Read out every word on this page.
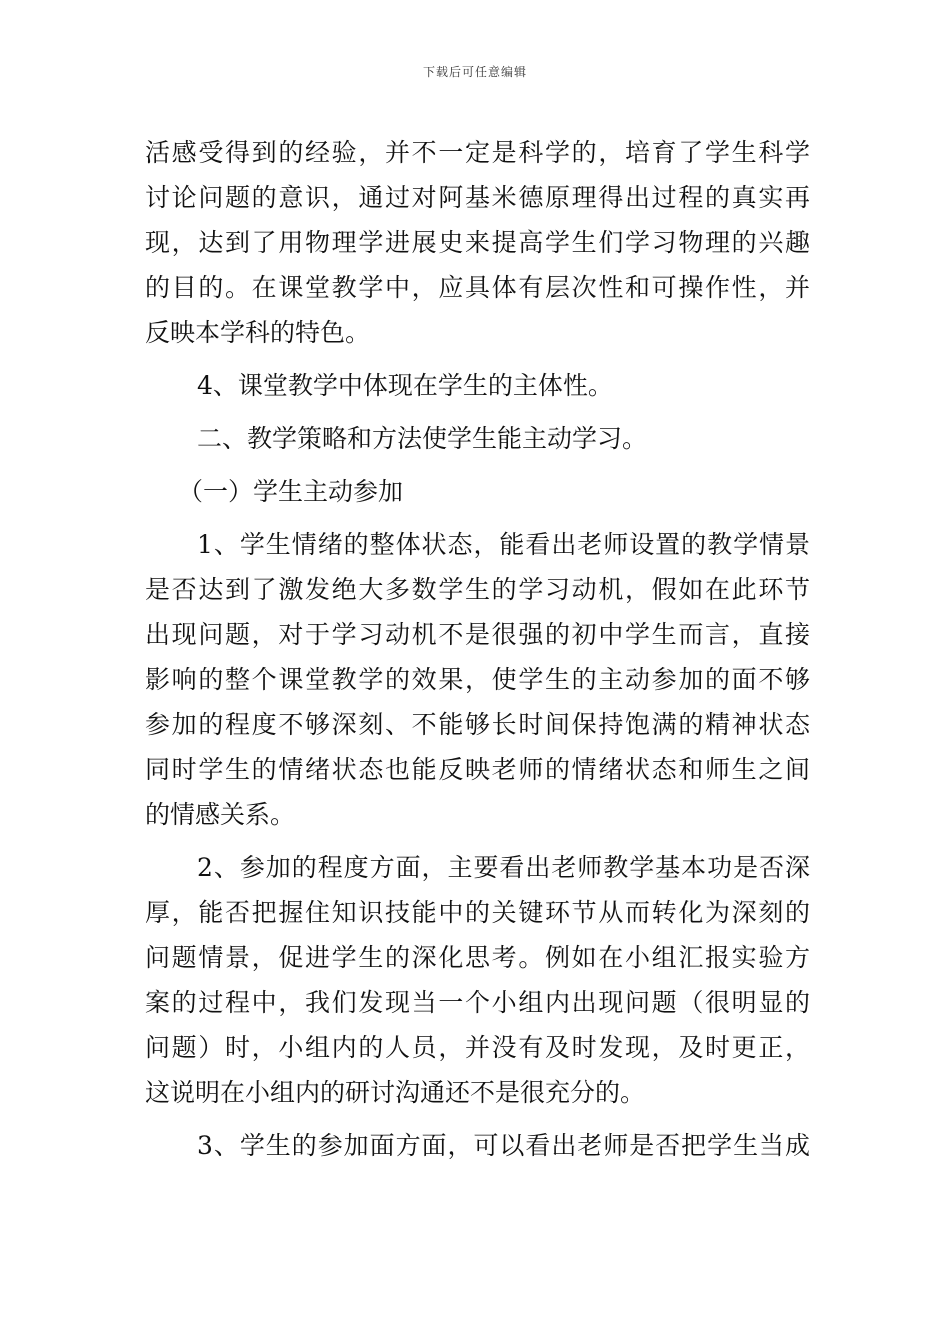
下载后可任意编辑
活感受得到的经验，并不一定是科学的，培育了学生科学
讨论问题的意识，通过对阿基米德原理得出过程的真实再
现，达到了用物理学进展史来提高学生们学习物理的兴趣
的目的。在课堂教学中，应具体有层次性和可操作性，并
反映本学科的特色。
4、课堂教学中体现在学生的主体性。
二、教学策略和方法使学生能主动学习。
（一）学生主动参加
1、学生情绪的整体状态，能看出老师设置的教学情景
是否达到了激发绝大多数学生的学习动机，假如在此环节
出现问题，对于学习动机不是很强的初中学生而言，直接
影响的整个课堂教学的效果，使学生的主动参加的面不够
参加的程度不够深刻、不能够长时间保持饱满的精神状态
同时学生的情绪状态也能反映老师的情绪状态和师生之间
的情感关系。
2、参加的程度方面，主要看出老师教学基本功是否深
厚，能否把握住知识技能中的关键环节从而转化为深刻的
问题情景，促进学生的深化思考。例如在小组汇报实验方
案的过程中，我们发现当一个小组内出现问题（很明显的
问题）时，小组内的人员，并没有及时发现，及时更正，
这说明在小组内的研讨沟通还不是很充分的。
3、学生的参加面方面，可以看出老师是否把学生当成
